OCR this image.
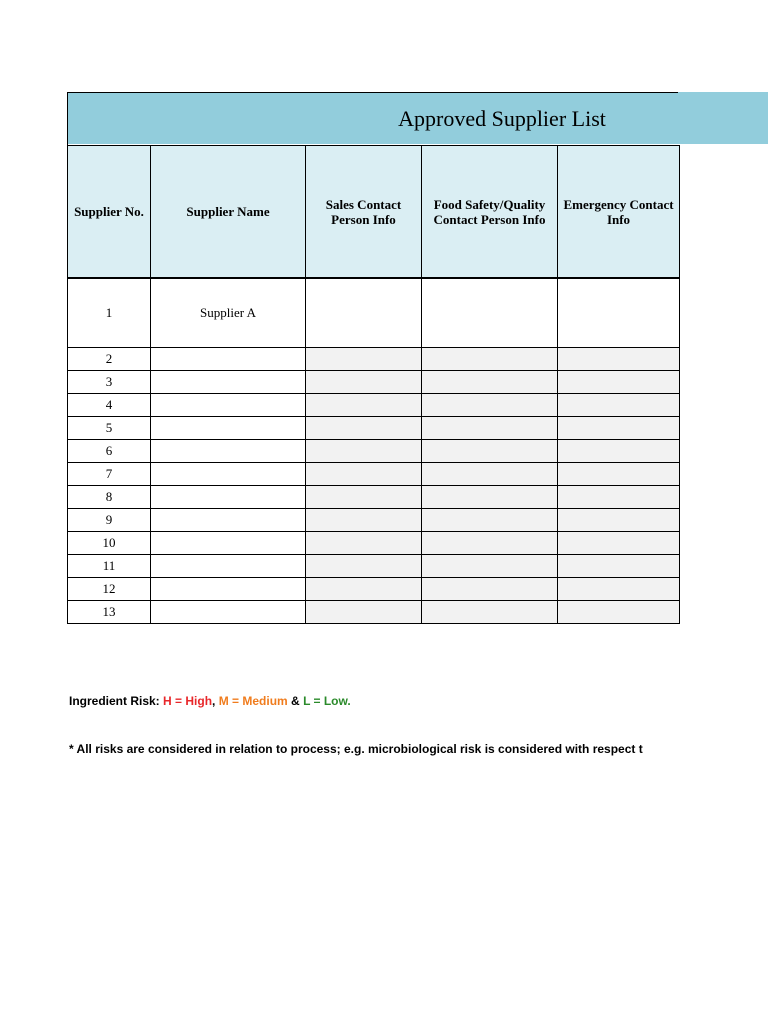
Approved Supplier List
Supplier No.	Supplier Name	Sales Contact Person Info	Food Safety/Quality Contact Person Info	Emergency Contact Info
1	Supplier A			
2				
3				
4				
5				
6				
7				
8				
9				
10				
11				
12				
13				
Ingredient Risk: H = High, M = Medium & L = Low.
* All risks are considered in relation to process; e.g. microbiological risk is considered with respect t
